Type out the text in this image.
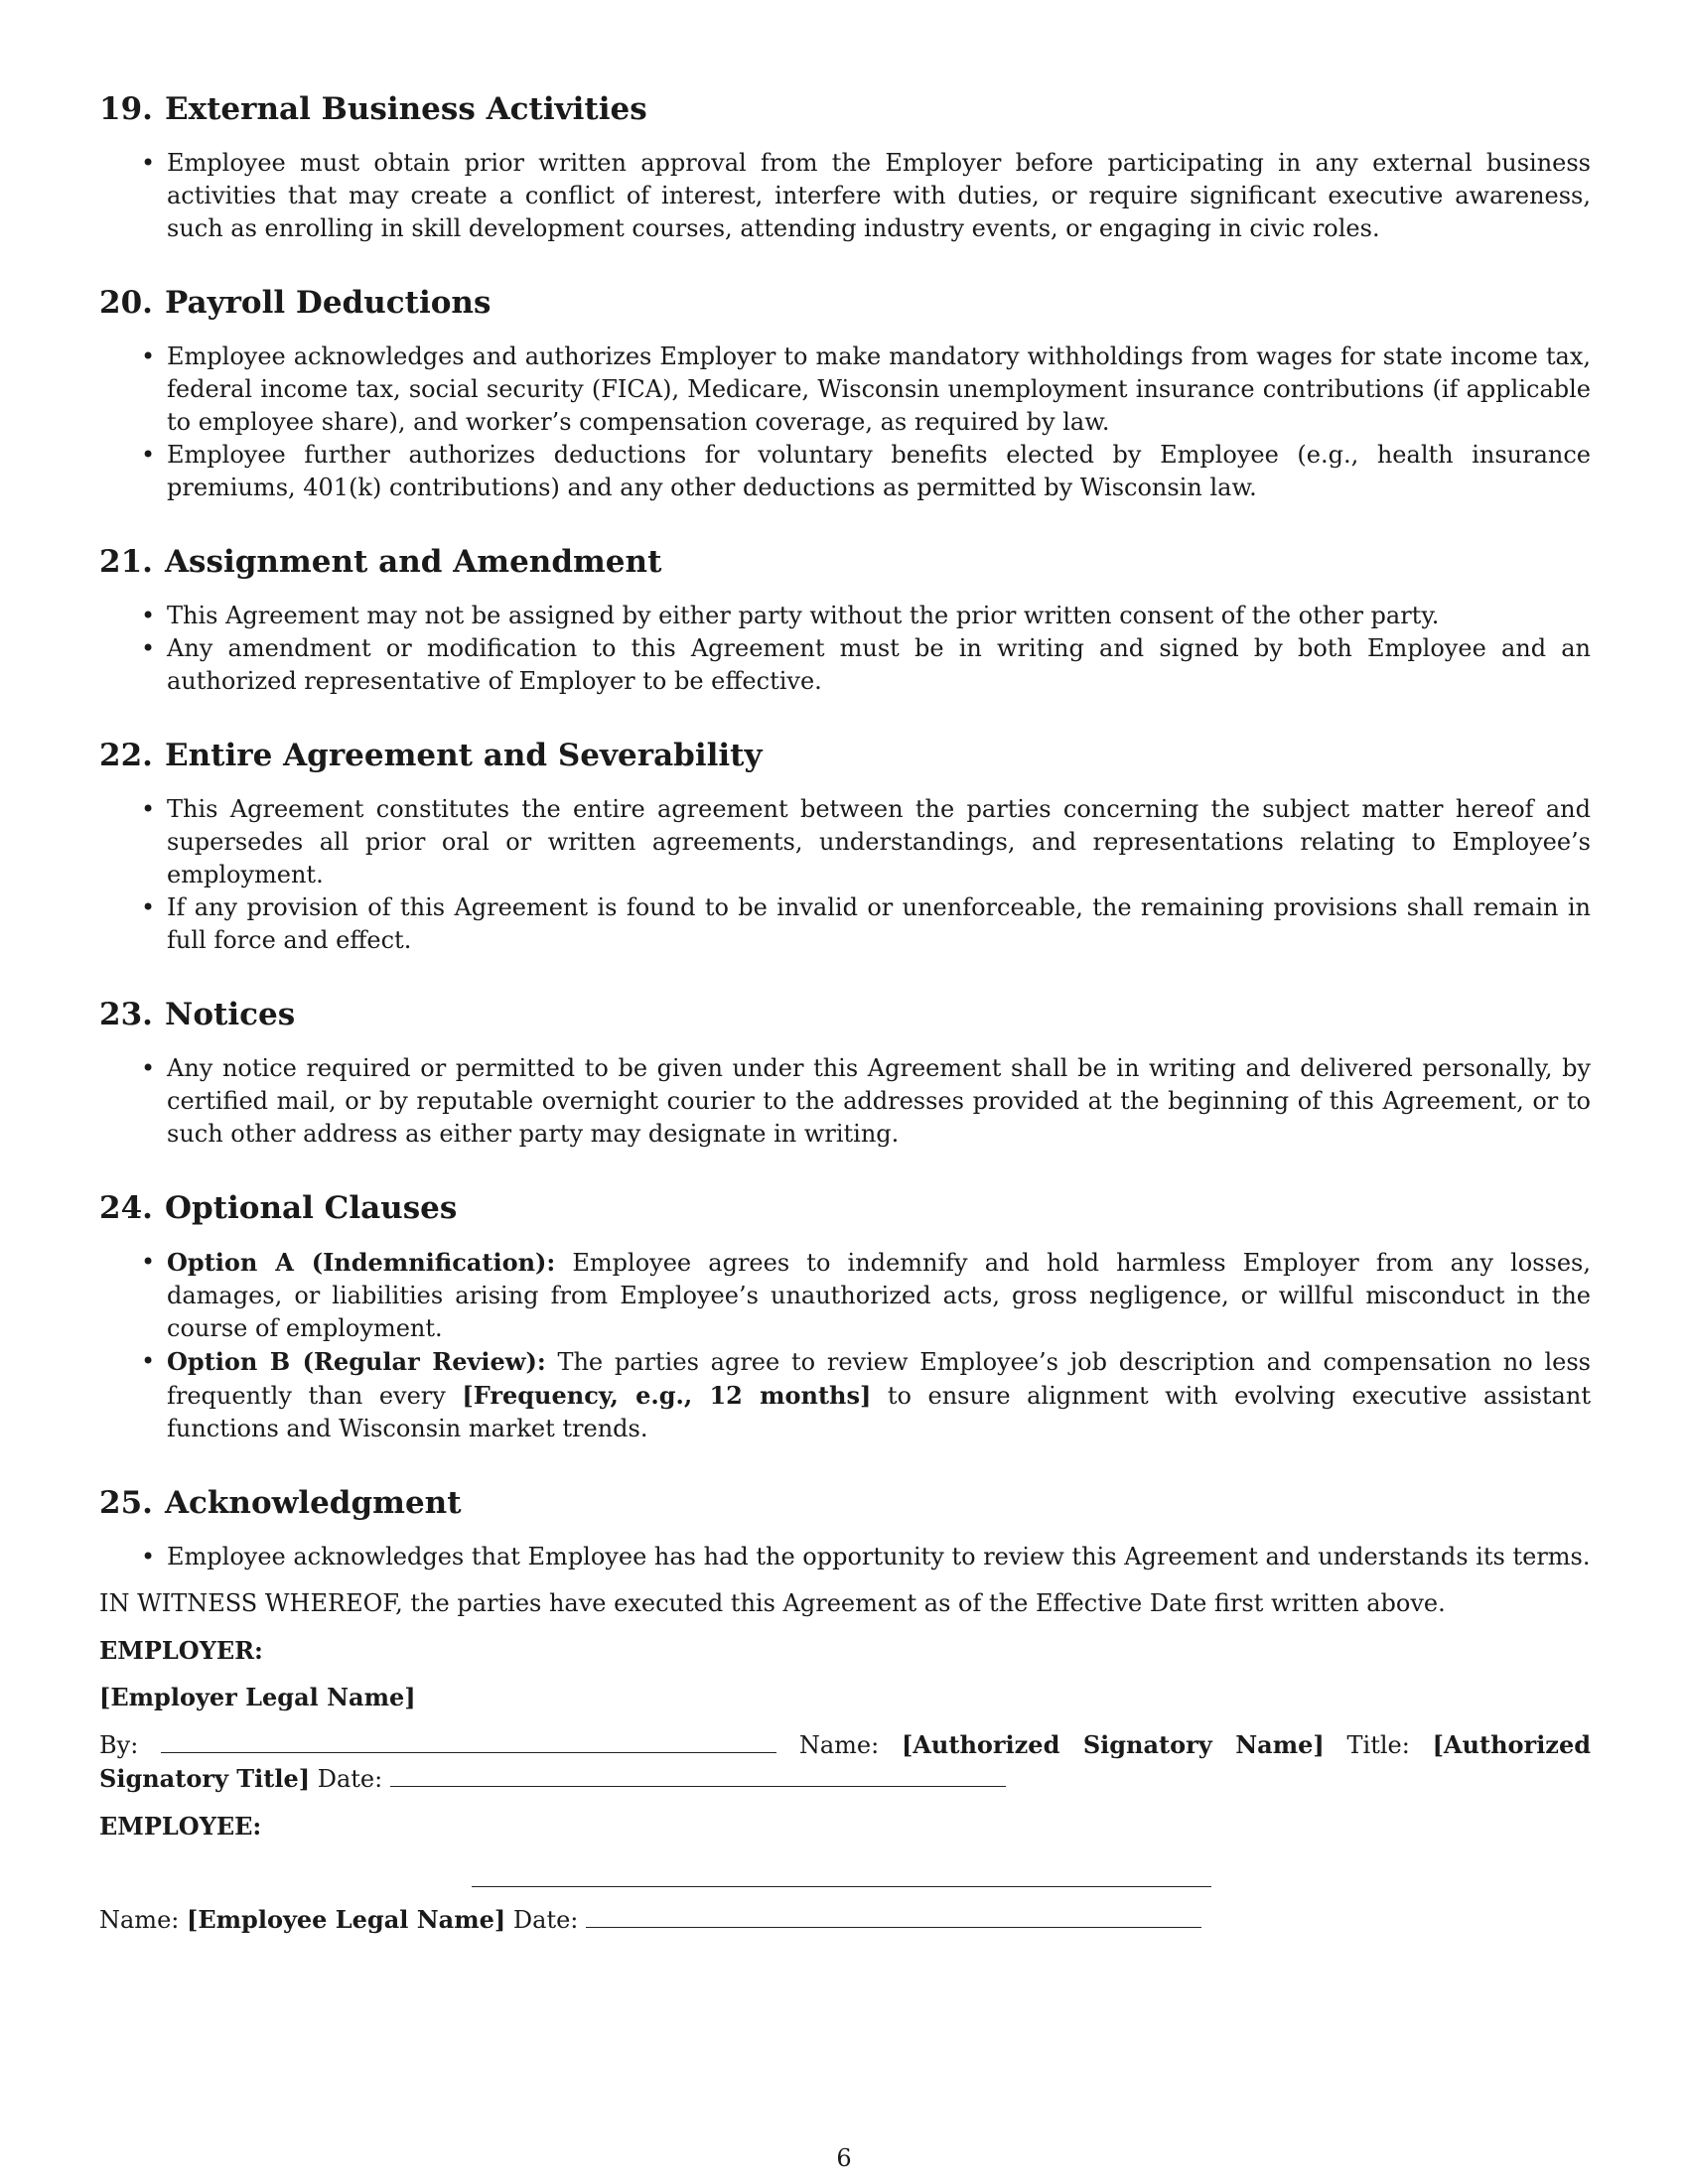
19. External Business Activities
• Employee must obtain prior written approval from the Employer before participating in any external business activities that may create a conflict of interest, interfere with duties, or require significant executive awareness, such as enrolling in skill development courses, attending industry events, or engaging in civic roles.
20. Payroll Deductions
• Employee acknowledges and authorizes Employer to make mandatory withholdings from wages for state income tax, federal income tax, social security (FICA), Medicare, Wisconsin unemployment insurance contributions (if applicable to employee share), and worker’s compensation coverage, as required by law.
• Employee further authorizes deductions for voluntary benefits elected by Employee (e.g., health insurance premiums, 401(k) contributions) and any other deductions as permitted by Wisconsin law.
21. Assignment and Amendment
• This Agreement may not be assigned by either party without the prior written consent of the other party.
• Any amendment or modification to this Agreement must be in writing and signed by both Employee and an authorized representative of Employer to be effective.
22. Entire Agreement and Severability
• This Agreement constitutes the entire agreement between the parties concerning the subject matter hereof and supersedes all prior oral or written agreements, understandings, and representations relating to Employee’s employment.
• If any provision of this Agreement is found to be invalid or unenforceable, the remaining provisions shall remain in full force and effect.
23. Notices
• Any notice required or permitted to be given under this Agreement shall be in writing and delivered personally, by certified mail, or by reputable overnight courier to the addresses provided at the beginning of this Agreement, or to such other address as either party may designate in writing.
24. Optional Clauses
• Option A (Indemnification): Employee agrees to indemnify and hold harmless Employer from any losses, damages, or liabilities arising from Employee’s unauthorized acts, gross negligence, or willful misconduct in the course of employment.
• Option B (Regular Review): The parties agree to review Employee’s job description and compensation no less frequently than every [Frequency, e.g., 12 months] to ensure alignment with evolving executive assistant functions and Wisconsin market trends.
25. Acknowledgment
• Employee acknowledges that Employee has had the opportunity to review this Agreement and understands its terms.

IN WITNESS WHEREOF, the parties have executed this Agreement as of the Effective Date first written above.

EMPLOYER:

[Employer Legal Name]

By:	Name: [Authorized Signatory Name] Title: [Authorized Signatory Title] Date:

EMPLOYEE:

Name: [Employee Legal Name] Date:

6
